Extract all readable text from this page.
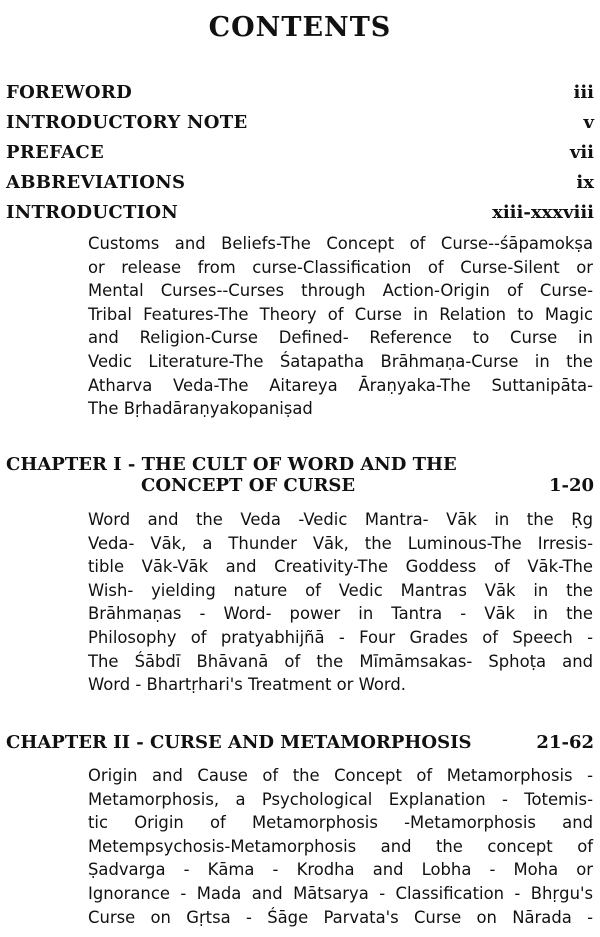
CONTENTS
FOREWORD	iii
INTRODUCTORY NOTE	v
PREFACE	vii
ABBREVIATIONS	ix
INTRODUCTION	xiii-xxxviii
Customs and Beliefs-The Concept of Curse--śāpamokṣa
or release from curse-Classification of Curse-Silent or
Mental Curses--Curses through Action-Origin of Curse-
Tribal Features-The Theory of Curse in Relation to Magic
and Religion-Curse Defined- Reference to Curse in
Vedic Literature-The Śatapatha Brāhmaṇa-Curse in the
Atharva Veda-The Aitareya Āraṇyaka-The Suttanipāta-
The Bṛhadāraṇyakopaniṣad
CHAPTER I - THE CULT OF WORD AND THE
CONCEPT OF CURSE	1-20
Word and the Veda -Vedic Mantra- Vāk in the Ṛg
Veda- Vāk, a Thunder Vāk, the Luminous-The Irresis-
tible Vāk-Vāk and Creativity-The Goddess of Vāk-The
Wish- yielding nature of Vedic Mantras Vāk in the
Brāhmaṇas - Word- power in Tantra - Vāk in the
Philosophy of pratyabhijñā - Four Grades of Speech -
The Śābdī Bhāvanā of the Mīmāmsakas- Sphoṭa and
Word - Bhartṛhari's Treatment or Word.
CHAPTER II - CURSE AND METAMORPHOSIS	21-62
Origin and Cause of the Concept of Metamorphosis -
Metamorphosis, a Psychological Explanation - Totemis-
tic Origin of Metamorphosis -Metamorphosis and
Metempsychosis-Metamorphosis and the concept of
Ṣadvarga - Kāma - Krodha and Lobha - Moha or
Ignorance - Mada and Mātsarya - Classification - Bhṛgu's
Curse on Gṛtsa - Śāge Parvata's Curse on Nārada -
